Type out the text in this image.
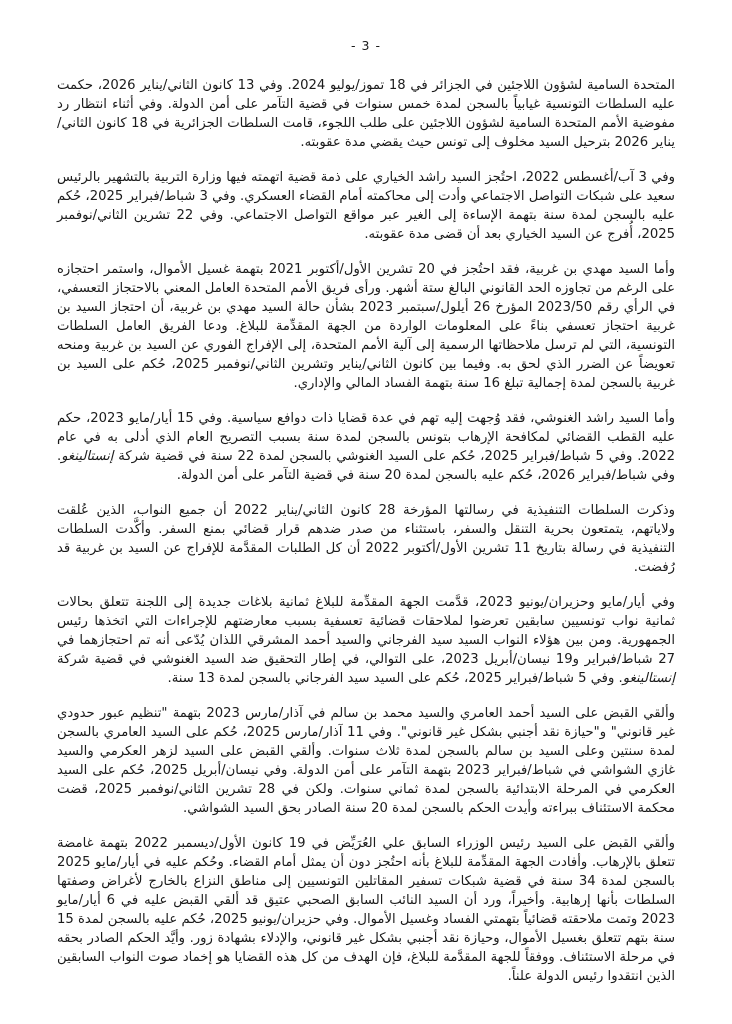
- 3 -

المتحدة السامية لشؤون اللاجئين في الجزائر في 18 تموز/يوليو 2024. وفي 13 كانون الثاني/يناير 2026، حكمت عليه السلطات التونسية غيابياً بالسجن لمدة خمس سنوات في قضية التآمر على أمن الدولة. وفي أثناء انتظار رد مفوضية الأمم المتحدة السامية لشؤون اللاجئين على طلب اللجوء، قامت السلطات الجزائرية في 18 كانون الثاني/يناير 2026 بترحيل السيد مخلوف إلى تونس حيث يقضي مدة عقوبته.

وفي 3 آب/أغسطس 2022، احتُجز السيد راشد الخياري على ذمة قضية اتهمته فيها وزارة التربية بالتشهير بالرئيس سعيد على شبكات التواصل الاجتماعي وأدت إلى محاكمته أمام القضاء العسكري. وفي 3 شباط/فبراير 2025، حُكم عليه بالسجن لمدة سنة بتهمة الإساءة إلى الغير عبر مواقع التواصل الاجتماعي. وفي 22 تشرين الثاني/نوفمبر 2025، أُفرج عن السيد الخياري بعد أن قضى مدة عقوبته.

وأما السيد مهدي بن غربية، فقد احتُجز في 20 تشرين الأول/أكتوبر 2021 بتهمة غسيل الأموال، واستمر احتجازه على الرغم من تجاوزه الحد القانوني البالغ ستة أشهر. ورأى فريق الأمم المتحدة العامل المعني بالاحتجاز التعسفي، في الرأي رقم 2023/50 المؤرخ 26 أيلول/سبتمبر 2023 بشأن حالة السيد مهدي بن غربية، أن احتجاز السيد بن غربية احتجاز تعسفي بناءً على المعلومات الواردة من الجهة المقدِّمة للبلاغ. ودعا الفريق العامل السلطات التونسية، التي لم ترسل ملاحظاتها الرسمية إلى آلية الأمم المتحدة، إلى الإفراج الفوري عن السيد بن غربية ومنحه تعويضاً عن الضرر الذي لحق به. وفيما بين كانون الثاني/يناير وتشرين الثاني/نوفمبر 2025، حُكم على السيد بن غربية بالسجن لمدة إجمالية تبلغ 16 سنة بتهمة الفساد المالي والإداري.

وأما السيد راشد الغنوشي، فقد وُجهت إليه تهم في عدة قضايا ذات دوافع سياسية. وفي 15 أيار/مايو 2023، حكم عليه القطب القضائي لمكافحة الإرهاب بتونس بالسجن لمدة سنة بسبب التصريح العام الذي أدلى به في عام 2022. وفي 5 شباط/فبراير 2025، حُكم على السيد الغنوشي بالسجن لمدة 22 سنة في قضية شركة إنستالينغو. وفي شباط/فبراير 2026، حُكم عليه بالسجن لمدة 20 سنة في قضية التآمر على أمن الدولة.

وذكرت السلطات التنفيذية في رسالتها المؤرخة 28 كانون الثاني/يناير 2022 أن جميع النواب، الذين عُلقت ولاياتهم، يتمتعون بحرية التنقل والسفر، باستثناء من صدر ضدهم قرار قضائي بمنع السفر. وأكَّدت السلطات التنفيذية في رسالة بتاريخ 11 تشرين الأول/أكتوبر 2022 أن كل الطلبات المقدَّمة للإفراج عن السيد بن غربية قد رُفضت.

وفي أيار/مايو وحزيران/يونيو 2023، قدَّمت الجهة المقدِّمة للبلاغ ثمانية بلاغات جديدة إلى اللجنة تتعلق بحالات ثمانية نواب تونسيين سابقين تعرضوا لملاحقات قضائية تعسفية بسبب معارضتهم للإجراءات التي اتخذها رئيس الجمهورية. ومن بين هؤلاء النواب السيد سيد الفرجاني والسيد أحمد المشرقي اللذان يُدّعى أنه تم احتجازهما في 27 شباط/فبراير و19 نيسان/أبريل 2023، على التوالي، في إطار التحقيق ضد السيد الغنوشي في قضية شركة إنستالينغو. وفي 5 شباط/فبراير 2025، حُكم على السيد سيد الفرجاني بالسجن لمدة 13 سنة.

وألقي القبض على السيد أحمد العامري والسيد محمد بن سالم في آذار/مارس 2023 بتهمة "تنظيم عبور حدودي غير قانوني" و"حيازة نقد أجنبي بشكل غير قانوني". وفي 11 آذار/مارس 2025، حُكم على السيد العامري بالسجن لمدة سنتين وعلى السيد بن سالم بالسجن لمدة ثلاث سنوات. وألقي القبض على السيد لزهر العكرمي والسيد غازي الشواشي في شباط/فبراير 2023 بتهمة التآمر على أمن الدولة. وفي نيسان/أبريل 2025، حُكم على السيد العكرمي في المرحلة الابتدائية بالسجن لمدة ثماني سنوات. ولكن في 28 تشرين الثاني/نوفمبر 2025، قضت محكمة الاستئناف ببراءته وأيدت الحكم بالسجن لمدة 20 سنة الصادر بحق السيد الشواشي.

وألقي القبض على السيد رئيس الوزراء السابق علي العُرَيِّض في 19 كانون الأول/ديسمبر 2022 بتهمة غامضة تتعلق بالإرهاب. وأفادت الجهة المقدِّمة للبلاغ بأنه احتُجز دون أن يمثل أمام القضاء. وحُكم عليه في أيار/مايو 2025 بالسجن لمدة 34 سنة في قضية شبكات تسفير المقاتلين التونسيين إلى مناطق النزاع بالخارج لأغراض وصفتها السلطات بأنها إرهابية. وأخيراً، ورد أن السيد النائب السابق الصحبي عتيق قد ألقي القبض عليه في 6 أيار/مايو 2023 وتمت ملاحقته قضائياً بتهمتي الفساد وغسيل الأموال. وفي حزيران/يونيو 2025، حُكم عليه بالسجن لمدة 15 سنة بتهم تتعلق بغسيل الأموال، وحيازة نقد أجنبي بشكل غير قانوني، والإدلاء بشهادة زور. وأيَّد الحكم الصادر بحقه في مرحلة الاستئناف. ووفقاً للجهة المقدَّمة للبلاغ، فإن الهدف من كل هذه القضايا هو إخماد صوت النواب السابقين الذين انتقدوا رئيس الدولة علناً.
